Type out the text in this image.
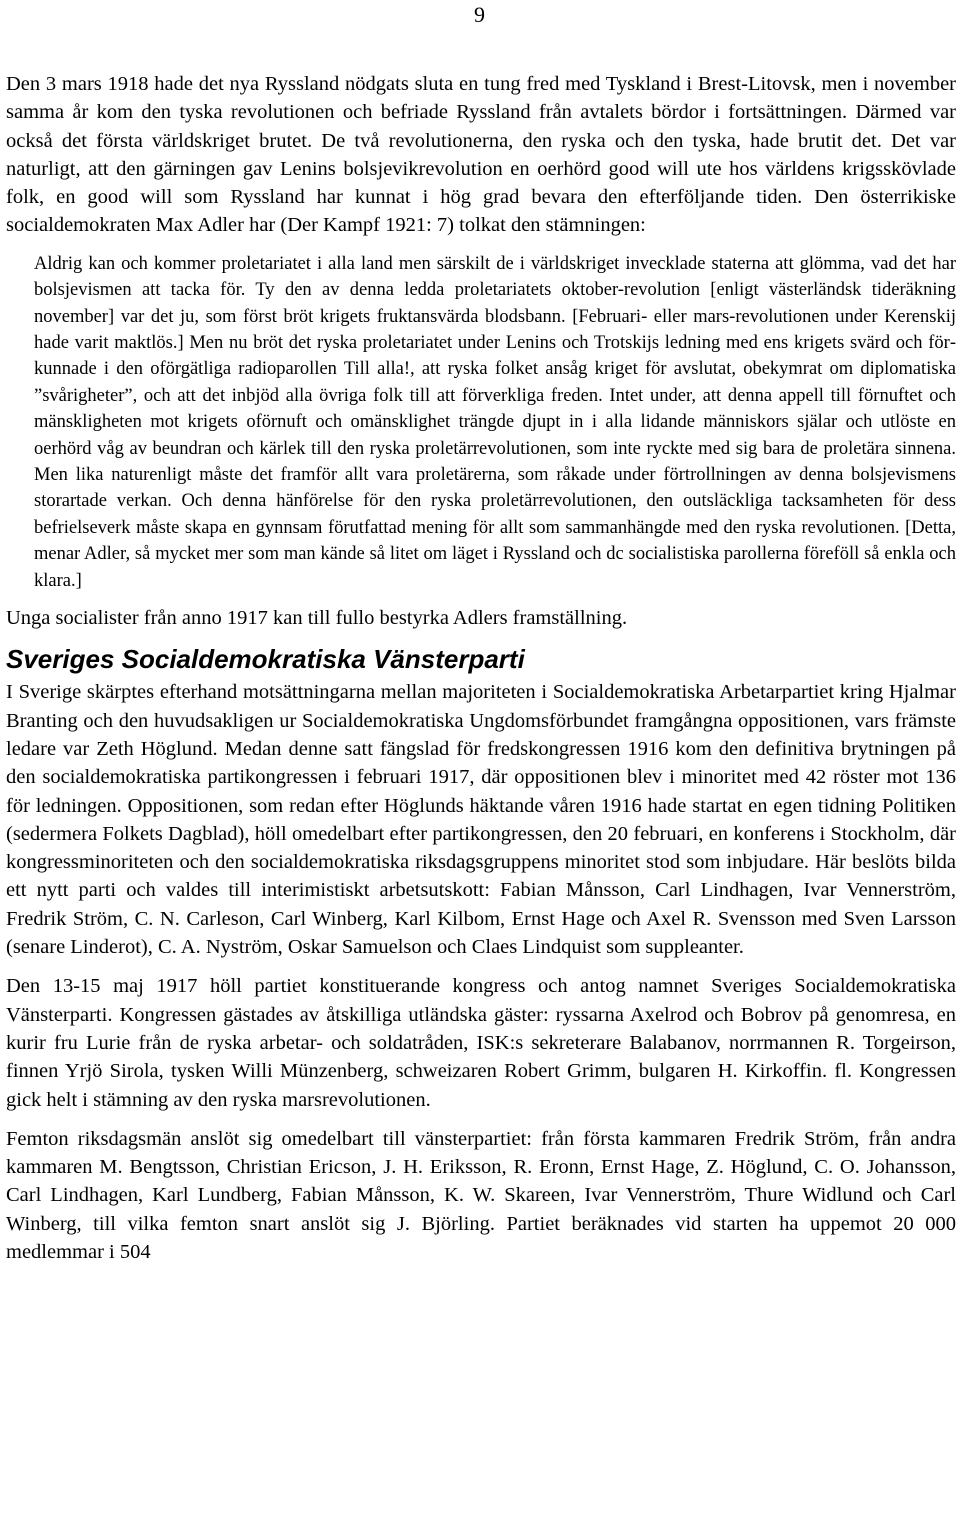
9

Den 3 mars 1918 hade det nya Ryssland nödgats sluta en tung fred med Tyskland i Brest-Litovsk, men i november samma år kom den tyska revolutionen och befriade Ryssland från avtalets bördor i fortsättningen. Därmed var också det första världskriget brutet. De två revolutionerna, den ryska och den tyska, hade brutit det. Det var naturligt, att den gärningen gav Lenins bolsjevikrevolution en oerhörd good will ute hos världens krigsskövlade folk, en good will som Ryssland har kunnat i hög grad bevara den efterföljande tiden. Den österrikiske socialdemokraten Max Adler har (Der Kampf 1921: 7) tolkat den stämningen:

Aldrig kan och kommer proletariatet i alla land men särskilt de i världskriget invecklade staterna att glömma, vad det har bolsjevismen att tacka för. Ty den av denna ledda proletariatets oktober-revolution [enligt västerländsk tideräkning november] var det ju, som först bröt krigets fruktansvärda blodsbann. [Februari- eller mars-revolutionen under Kerenskij hade varit maktlös.] Men nu bröt det ryska proletariatet under Lenins och Trotskijs ledning med ens krigets svärd och förkunnade i den oförgätliga radioparollen Till alla!, att ryska folket ansåg kriget för avslutat, obekymrat om diplomatiska ”svårigheter”, och att det inbjöd alla övriga folk till att förverkliga freden. Intet under, att denna appell till förnuftet och mänskligheten mot krigets oförnuft och omänsklighet trängde djupt in i alla lidande människors själar och utlöste en oerhörd våg av beundran och kärlek till den ryska proletärrevolutionen, som inte ryckte med sig bara de proletära sinnena. Men lika naturenligt måste det framför allt vara proletärerna, som råkade under förtrollningen av denna bolsjevismens storartade verkan. Och denna hänförelse för den ryska proletärrevolutionen, den outsläckliga tacksamheten för dess befrielseverk måste skapa en gynnsam förutfattad mening för allt som sammanhängde med den ryska revolutionen. [Detta, menar Adler, så mycket mer som man kände så litet om läget i Ryssland och dc socialistiska parollerna föreföll så enkla och klara.]

Unga socialister från anno 1917 kan till fullo bestyrka Adlers framställning.

Sveriges Socialdemokratiska Vänsterparti

I Sverige skärptes efterhand motsättningarna mellan majoriteten i Socialdemokratiska Arbetarpartiet kring Hjalmar Branting och den huvudsakligen ur Socialdemokratiska Ungdomsförbundet framgångna oppositionen, vars främste ledare var Zeth Höglund. Medan denne satt fängslad för fredskongressen 1916 kom den definitiva brytningen på den socialdemokratiska partikongressen i februari 1917, där oppositionen blev i minoritet med 42 röster mot 136 för ledningen. Oppositionen, som redan efter Höglunds häktande våren 1916 hade startat en egen tidning Politiken (sedermera Folkets Dagblad), höll omedelbart efter partikongressen, den 20 februari, en konferens i Stockholm, där kongressminoriteten och den socialdemokratiska riksdagsgruppens minoritet stod som inbjudare. Här beslöts bilda ett nytt parti och valdes till interimistiskt arbetsutskott: Fabian Månsson, Carl Lindhagen, Ivar Vennerström, Fredrik Ström, C. N. Carleson, Carl Winberg, Karl Kilbom, Ernst Hage och Axel R. Svensson med Sven Larsson (senare Linderot), C. A. Nyström, Oskar Samuelson och Claes Lindquist som suppleanter.

Den 13-15 maj 1917 höll partiet konstituerande kongress och antog namnet Sveriges Socialdemokratiska Vänsterparti. Kongressen gästades av åtskilliga utländska gäster: ryssarna Axelrod och Bobrov på genomresa, en kurir fru Lurie från de ryska arbetar- och soldatråden, ISK:s sekreterare Balabanov, norrmannen R. Torgeirson, finnen Yrjö Sirola, tysken Willi Münzenberg, schweizaren Robert Grimm, bulgaren H. Kirkoffin. fl. Kongressen gick helt i stämning av den ryska marsrevolutionen.

Femton riksdagsmän anslöt sig omedelbart till vänsterpartiet: från första kammaren Fredrik Ström, från andra kammaren M. Bengtsson, Christian Ericson, J. H. Eriksson, R. Eronn, Ernst Hage, Z. Höglund, C. O. Johansson, Carl Lindhagen, Karl Lundberg, Fabian Månsson, K. W. Skareen, Ivar Vennerström, Thure Widlund och Carl Winberg, till vilka femton snart anslöt sig J. Björling. Partiet beräknades vid starten ha uppemot 20 000 medlemmar i 504
